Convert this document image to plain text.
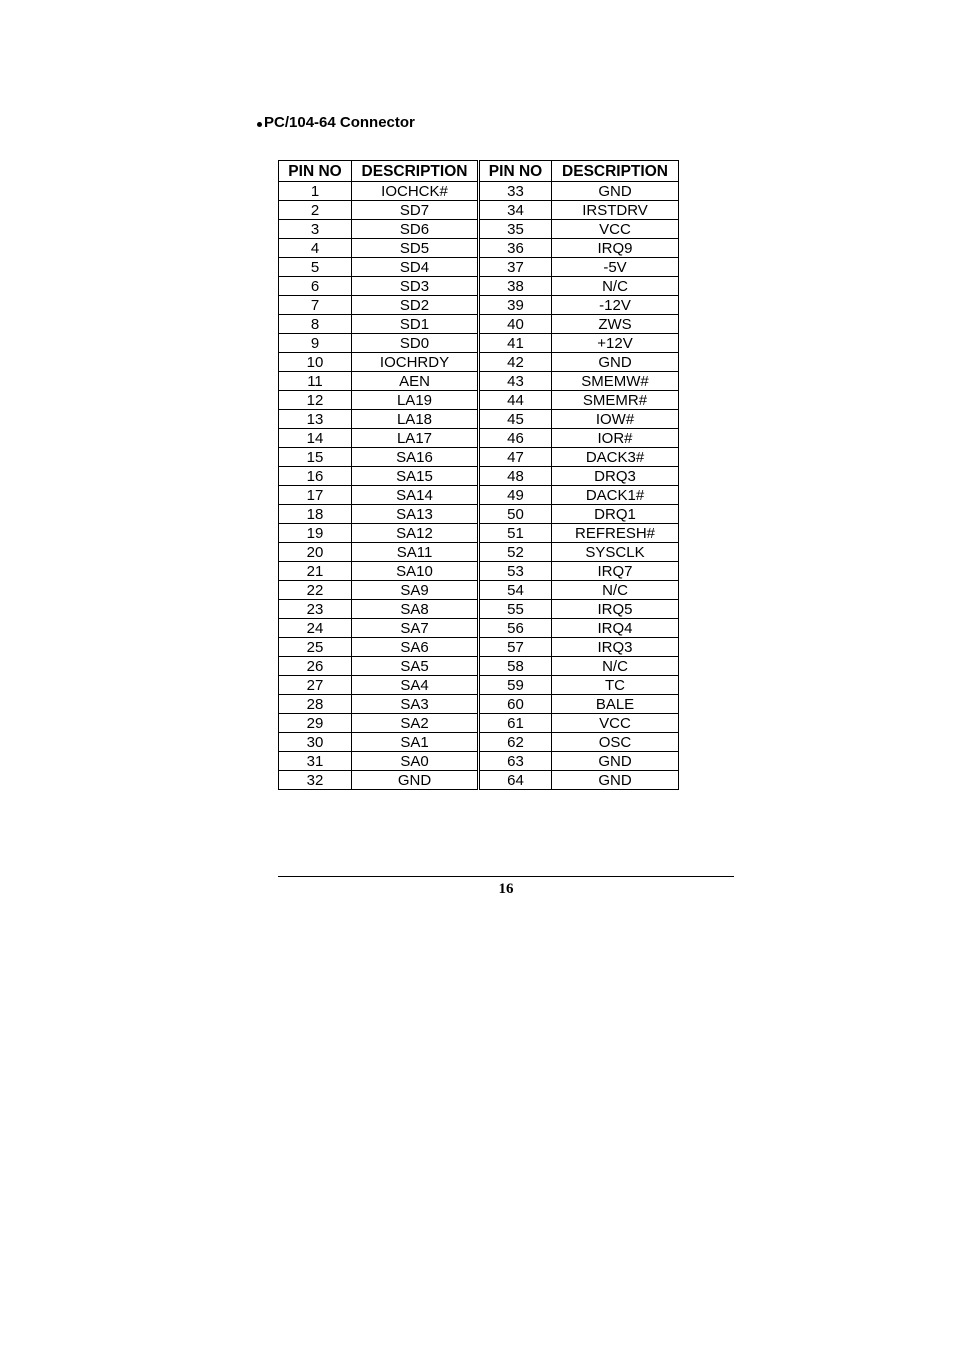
PC/104-64 Connector
PIN NO	DESCRIPTION	PIN NO	DESCRIPTION
1	IOCHCK#	33	GND
2	SD7	34	IRSTDRV
3	SD6	35	VCC
4	SD5	36	IRQ9
5	SD4	37	-5V
6	SD3	38	N/C
7	SD2	39	-12V
8	SD1	40	ZWS
9	SD0	41	+12V
10	IOCHRDY	42	GND
11	AEN	43	SMEMW#
12	LA19	44	SMEMR#
13	LA18	45	IOW#
14	LA17	46	IOR#
15	SA16	47	DACK3#
16	SA15	48	DRQ3
17	SA14	49	DACK1#
18	SA13	50	DRQ1
19	SA12	51	REFRESH#
20	SA11	52	SYSCLK
21	SA10	53	IRQ7
22	SA9	54	N/C
23	SA8	55	IRQ5
24	SA7	56	IRQ4
25	SA6	57	IRQ3
26	SA5	58	N/C
27	SA4	59	TC
28	SA3	60	BALE
29	SA2	61	VCC
30	SA1	62	OSC
31	SA0	63	GND
32	GND	64	GND
16
